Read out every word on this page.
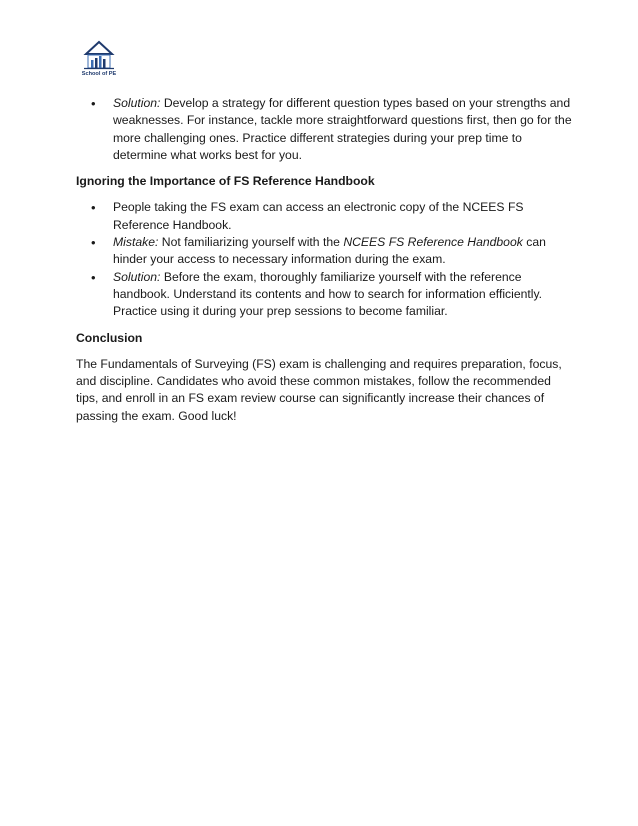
School of PE
• Solution: Develop a strategy for different question types based on your strengths and weaknesses. For instance, tackle more straightforward questions first, then go for the more challenging ones. Practice different strategies during your prep time to determine what works best for you.

Ignoring the Importance of FS Reference Handbook

• People taking the FS exam can access an electronic copy of the NCEES FS Reference Handbook.
• Mistake: Not familiarizing yourself with the NCEES FS Reference Handbook can hinder your access to necessary information during the exam.
• Solution: Before the exam, thoroughly familiarize yourself with the reference handbook. Understand its contents and how to search for information efficiently. Practice using it during your prep sessions to become familiar.

Conclusion

The Fundamentals of Surveying (FS) exam is challenging and requires preparation, focus, and discipline. Candidates who avoid these common mistakes, follow the recommended tips, and enroll in an FS exam review course can significantly increase their chances of passing the exam. Good luck!
